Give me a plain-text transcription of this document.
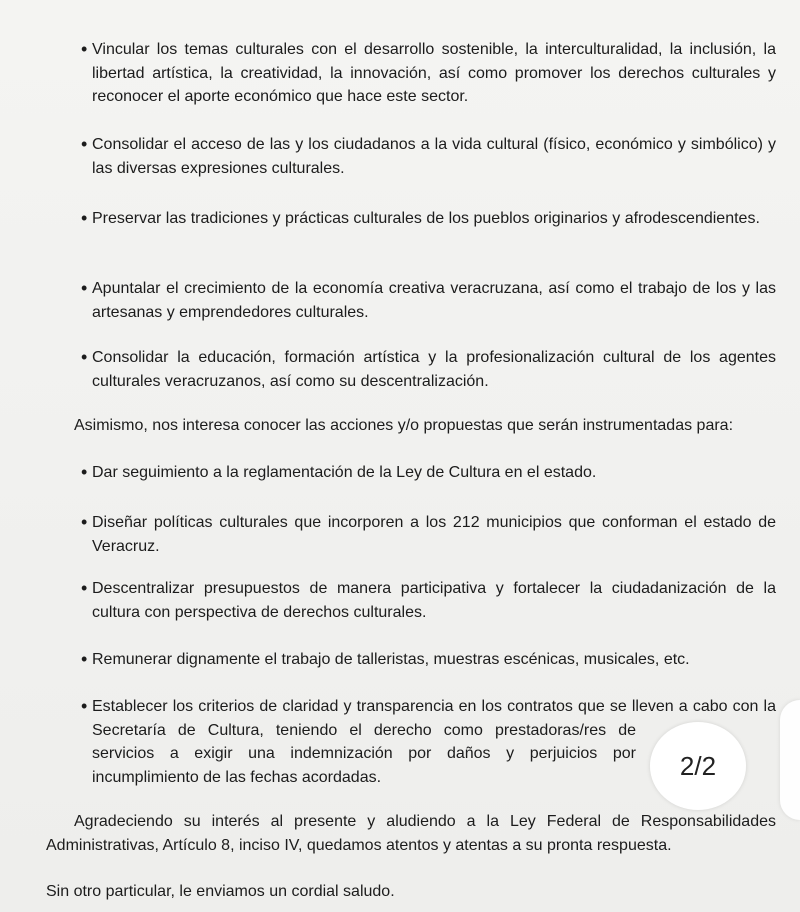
• Vincular los temas culturales con el desarrollo sostenible, la interculturalidad, la inclusión, la libertad artística, la creatividad, la innovación, así como promover los derechos culturales y reconocer el aporte económico que hace este sector.
• Consolidar el acceso de las y los ciudadanos a la vida cultural (físico, económico y simbólico) y las diversas expresiones culturales.
• Preservar las tradiciones y prácticas culturales de los pueblos originarios y afrodescendientes.
• Apuntalar el crecimiento de la economía creativa veracruzana, así como el trabajo de los y las artesanas y emprendedores culturales.
• Consolidar la educación, formación artística y la profesionalización cultural de los agentes culturales veracruzanos, así como su descentralización.
Asimismo, nos interesa conocer las acciones y/o propuestas que serán instrumentadas para:
• Dar seguimiento a la reglamentación de la Ley de Cultura en el estado.
• Diseñar políticas culturales que incorporen a los 212 municipios que conforman el estado de Veracruz.
• Descentralizar presupuestos de manera participativa y fortalecer la ciudadanización de la cultura con perspectiva de derechos culturales.
• Remunerar dignamente el trabajo de talleristas, muestras escénicas, musicales, etc.
• Establecer los criterios de claridad y transparencia en los contratos que se lleven a cabo con la Secretaría de Cultura, teniendo el derecho como prestadoras/res de servicios a exigir una indemnización por daños y perjuicios por incumplimiento de las fechas acordadas.
Agradeciendo su interés al presente y aludiendo a la Ley Federal de Responsabilidades Administrativas, Artículo 8, inciso IV, quedamos atentos y atentas a su pronta respuesta.
Sin otro particular, le enviamos un cordial saludo.
2/2
